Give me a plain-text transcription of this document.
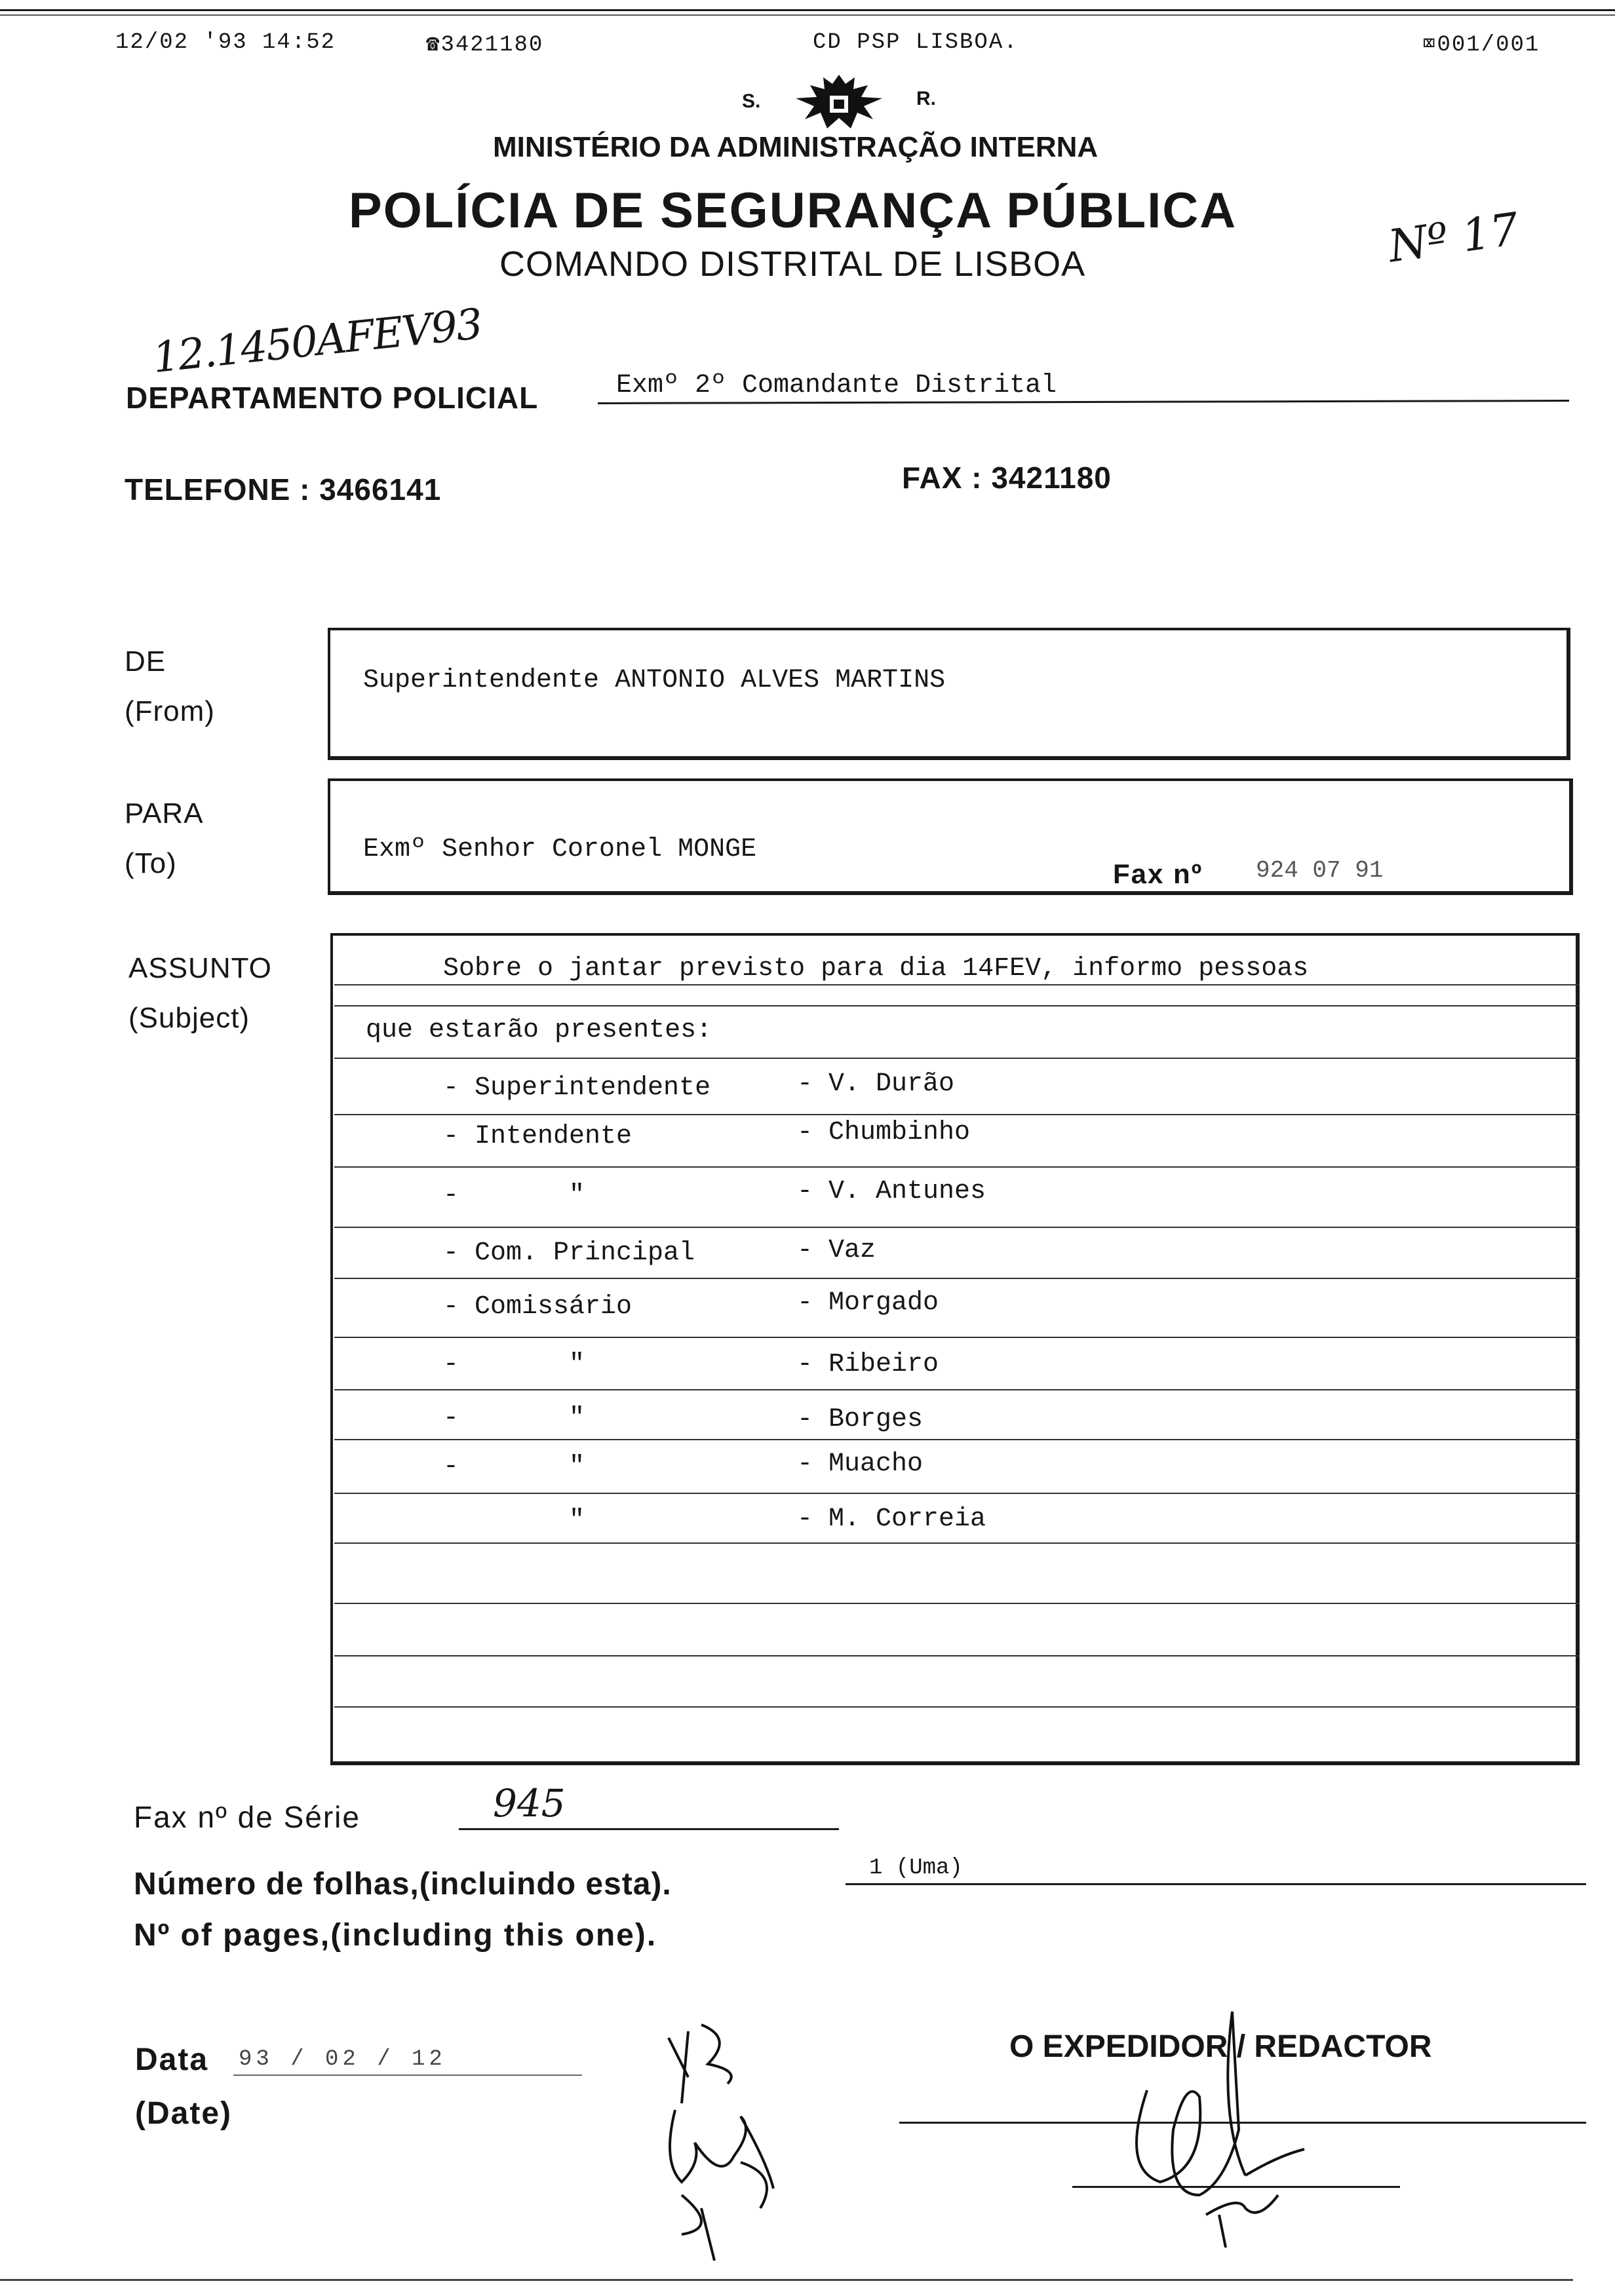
12/02 '93 14:52	☎3421180	CD PSP LISBOA.	⌧001/001
S.	R.
MINISTÉRIO DA ADMINISTRAÇÃO INTERNA
POLÍCIA DE SEGURANÇA PÚBLICA
COMANDO DISTRITAL DE LISBOA	Nº 17
12.1450AFEV93
DEPARTAMENTO POLICIAL	Exmº 2º Comandante Distrital
TELEFONE : 3466141	FAX : 3421180
DE
(From)
Superintendente ANTONIO ALVES MARTINS
PARA
(To)	Exmº Senhor Coronel MONGE
Fax nº 924 07 91
ASSUNTO
(Subject)
Sobre o jantar previsto para dia 14FEV, informo pessoas
que estarão presentes:
- Superintendente	- V. Durão
- Intendente	- Chumbinho
-       "	- V. Antunes
- Com. Principal	- Vaz
- Comissário	- Morgado
-       "	- Ribeiro
-       "	- Borges
-       "	- Muacho
"	- M. Correia
Fax nº de Série	945
Número de folhas,(incluindo esta).	1 (Uma)
Nº of pages,(including this one).
Data 93 / 02 / 12
(Date)
O EXPEDIDOR / REDACTOR
